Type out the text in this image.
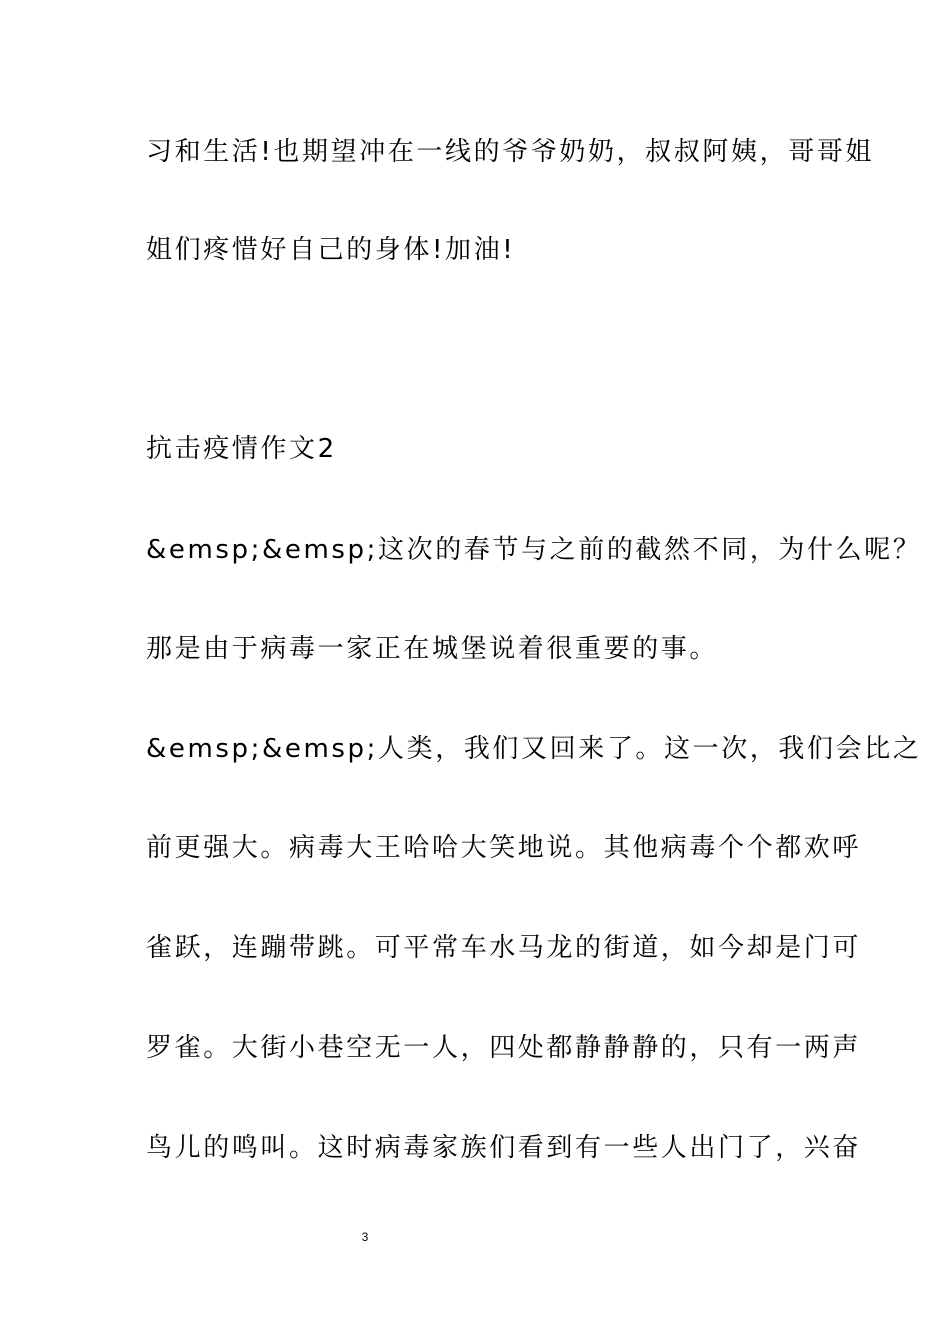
习和生活!也期望冲在一线的爷爷奶奶，叔叔阿姨，哥哥姐
姐们疼惜好自己的身体!加油!
抗击疫情作文2
&emsp;&emsp;这次的春节与之前的截然不同，为什么呢？
那是由于病毒一家正在城堡说着很重要的事。
&emsp;&emsp;人类，我们又回来了。这一次，我们会比之
前更强大。病毒大王哈哈大笑地说。其他病毒个个都欢呼
雀跃，连蹦带跳。可平常车水马龙的街道，如今却是门可
罗雀。大街小巷空无一人，四处都静静静的，只有一两声
鸟儿的鸣叫。这时病毒家族们看到有一些人出门了，兴奋
3
